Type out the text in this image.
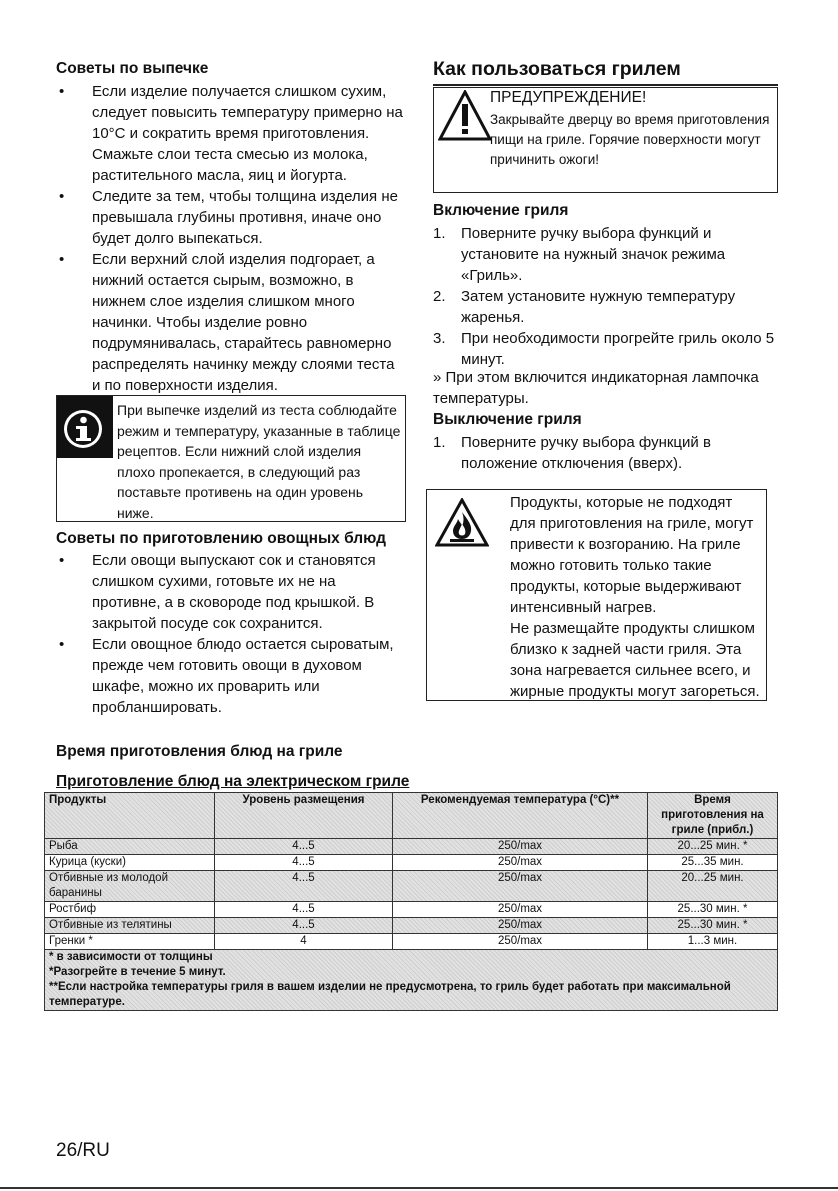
Советы по выпечке
• Если изделие получается слишком сухим, следует повысить температуру примерно на 10°C и сократить время приготовления. Смажьте слои теста смесью из молока, растительного масла, яиц и йогурта.
• Следите за тем, чтобы толщина изделия не превышала глубины противня, иначе оно будет долго выпекаться.
• Если верхний слой изделия подгорает, а нижний остается сырым, возможно, в нижнем слое изделия слишком много начинки. Чтобы изделие ровно подрумянивалась, старайтесь равномерно распределять начинку между слоями теста и по поверхности изделия.
При выпечке изделий из теста соблюдайте режим и температуру, указанные в таблице рецептов. Если нижний слой изделия плохо пропекается, в следующий раз поставьте противень на один уровень ниже.
Советы по приготовлению овощных блюд
• Если овощи выпускают сок и становятся слишком сухими, готовьте их не на противне, а в сковороде под крышкой. В закрытой посуде сок сохранится.
• Если овощное блюдо остается сыроватым, прежде чем готовить овощи в духовом шкафе, можно их проварить или пробланшировать.
Как пользоваться грилем
ПРЕДУПРЕЖДЕНИЕ!
Закрывайте дверцу во время приготовления пищи на гриле. Горячие поверхности могут причинить ожоги!
Включение гриля
1. Поверните ручку выбора функций и установите на нужный значок режима «Гриль».
2. Затем установите нужную температуру жаренья.
3. При необходимости прогрейте гриль около 5 минут.
» При этом включится индикаторная лампочка температуры.
Выключение гриля
1. Поверните ручку выбора функций в положение отключения (вверх).
Продукты, которые не подходят для приготовления на гриле, могут привести к возгоранию. На гриле можно готовить только такие продукты, которые выдерживают интенсивный нагрев.
Не размещайте продукты слишком близко к задней части гриля. Эта зона нагревается сильнее всего, и жирные продукты могут загореться.
Время приготовления блюд на гриле
Приготовление блюд на электрическом гриле
Продукты	Уровень размещения	Рекомендуемая температура (°C)**	Время приготовления на гриле (прибл.)
Рыба	4...5	250/max	20...25 мин. *
Курица (куски)	4...5	250/max	25...35 мин.
Отбивные из молодой баранины	4...5	250/max	20...25 мин.
Ростбиф	4...5	250/max	25...30 мин. *
Отбивные из телятины	4...5	250/max	25...30 мин. *
Гренки *	4	250/max	1...3 мин.

* в зависимости от толщины
*Разогрейте в течение 5 минут.
**Если настройка температуры гриля в вашем изделии не предусмотрена, то гриль будет работать при максимальной температуре.			
26/RU
